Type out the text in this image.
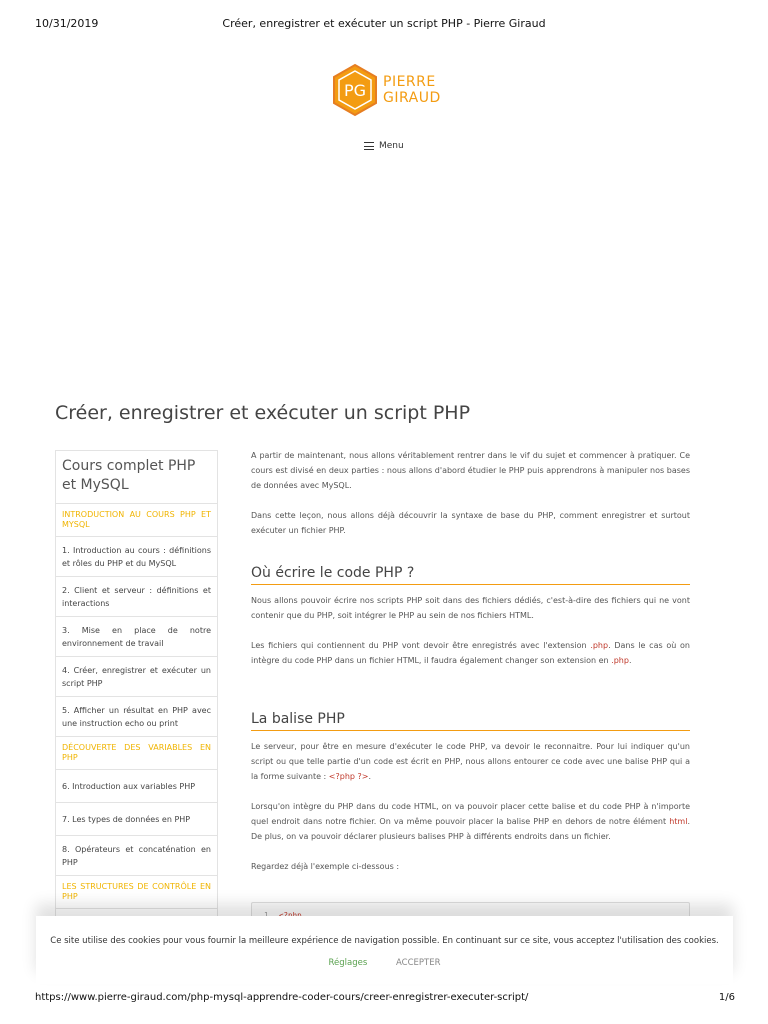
10/31/2019	Créer, enregistrer et exécuter un script PHP - Pierre Giraud
PG PIERRE
GIRAUD
Menu
Créer, enregistrer et exécuter un script PHP
Cours complet PHP et MySQL
INTRODUCTION AU COURS PHP ET MYSQL
1. Introduction au cours : définitions et rôles du PHP et du MySQL
2. Client et serveur : définitions et interactions
3. Mise en place de notre environnement de travail
4. Créer, enregistrer et exécuter un script PHP
5. Afficher un résultat en PHP avec une instruction echo ou print
DÉCOUVERTE DES VARIABLES EN PHP
6. Introduction aux variables PHP
7. Les types de données en PHP
8. Opérateurs et concaténation en PHP
LES STRUCTURES DE CONTRÔLE EN PHP

A partir de maintenant, nous allons véritablement rentrer dans le vif du sujet et commencer à pratiquer. Ce cours est divisé en deux parties : nous allons d'abord étudier le PHP puis apprendrons à manipuler nos bases de données avec MySQL.

Dans cette leçon, nous allons déjà découvrir la syntaxe de base du PHP, comment enregistrer et surtout exécuter un fichier PHP.

Où écrire le code PHP ?

Nous allons pouvoir écrire nos scripts PHP soit dans des fichiers dédiés, c'est-à-dire des fichiers qui ne vont contenir que du PHP, soit intégrer le PHP au sein de nos fichiers HTML.

Les fichiers qui contiennent du PHP vont devoir être enregistrés avec l'extension .php. Dans le cas où on intègre du code PHP dans un fichier HTML, il faudra également changer son extension en .php.

La balise PHP

Le serveur, pour être en mesure d'exécuter le code PHP, va devoir le reconnaitre. Pour lui indiquer qu'un script ou que telle partie d'un code est écrit en PHP, nous allons entourer ce code avec une balise PHP qui a la forme suivante : <?php ?>.

Lorsqu'on intègre du PHP dans du code HTML, on va pouvoir placer cette balise et du code PHP à n'importe quel endroit dans notre fichier. On va même pouvoir placer la balise PHP en dehors de notre élément html. De plus, on va pouvoir déclarer plusieurs balises PHP à différents endroits dans un fichier.

Regardez déjà l'exemple ci-dessous :

Ce site utilise des cookies pour vous fournir la meilleure expérience de navigation possible. En continuant sur ce site, vous acceptez l'utilisation des cookies.
Réglages	ACCEPTER
https://www.pierre-giraud.com/php-mysql-apprendre-coder-cours/creer-enregistrer-executer-script/	1/6
